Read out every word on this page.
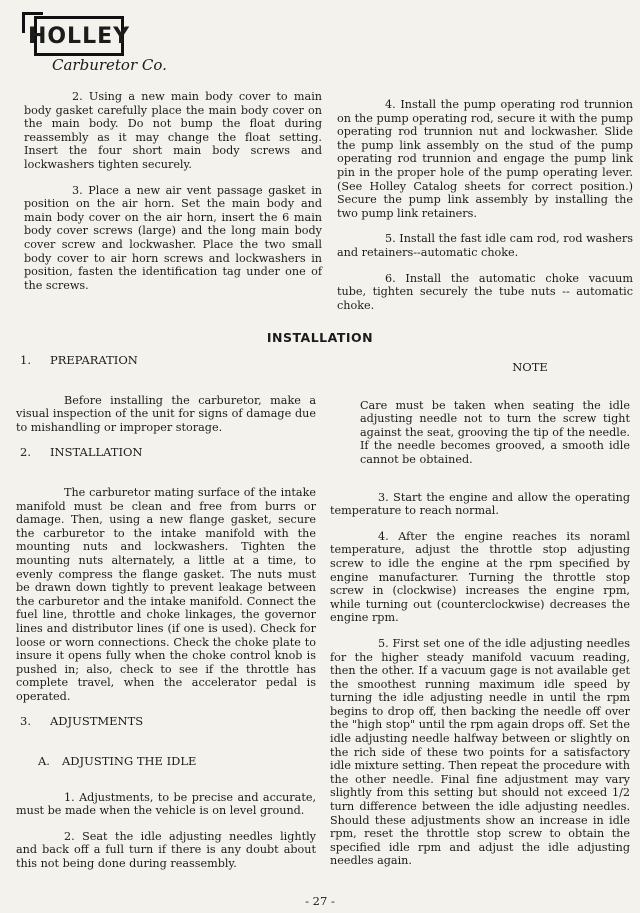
HOLLEY
Carburetor Co.

2. Using a new main body cover to main body gasket carefully place the main body cover on the main body. Do not bump the float during reassembly as it may change the float setting. Insert the four short main body screws and lockwashers tighten securely.

3. Place a new air vent passage gasket in position on the air horn. Set the main body and main body cover on the air horn, insert the 6 main body cover screws (large) and the long main body cover screw and lockwasher. Place the two small body cover to air horn screws and lockwashers in position, fasten the identification tag under one of the screws.

4. Install the pump operating rod trunnion on the pump operating rod, secure it with the pump operating rod trunnion nut and lockwasher. Slide the pump link assembly on the stud of the pump operating rod trunnion and engage the pump link pin in the proper hole of the pump operating lever. (See Holley Catalog sheets for correct position.) Secure the pump link assembly by installing the two pump link retainers.

5. Install the fast idle cam rod, rod washers and retainers--automatic choke.

6. Install the automatic choke vacuum tube, tighten securely the tube nuts -- automatic choke.

INSTALLATION
1. PREPARATION

Before installing the carburetor, make a visual inspection of the unit for signs of damage due to mishandling or improper storage.

2. INSTALLATION

The carburetor mating surface of the intake manifold must be clean and free from burrs or damage. Then, using a new flange gasket, secure the carburetor to the intake manifold with the mounting nuts and lockwashers. Tighten the mounting nuts alternately, a little at a time, to evenly compress the flange gasket. The nuts must be drawn down tightly to prevent leakage between the carburetor and the intake manifold. Connect the fuel line, throttle and choke linkages, the governor lines and distributor lines (if one is used). Check for loose or worn connections. Check the choke plate to insure it opens fully when the choke control knob is pushed in; also, check to see if the throttle has complete travel, when the accelerator pedal is operated.

3. ADJUSTMENTS
A. ADJUSTING THE IDLE

1. Adjustments, to be precise and accurate, must be made when the vehicle is on level ground.

2. Seat the idle adjusting needles lightly and back off a full turn if there is any doubt about this not being done during reassembly.

NOTE

Care must be taken when seating the idle adjusting needle not to turn the screw tight against the seat, grooving the tip of the needle. If the needle becomes grooved, a smooth idle cannot be obtained.

3. Start the engine and allow the operating temperature to reach normal.

4. After the engine reaches its noraml temperature, adjust the throttle stop adjusting screw to idle the engine at the rpm specified by engine manufacturer. Turning the throttle stop screw in (clockwise) increases the engine rpm, while turning out (counterclockwise) decreases the engine rpm.

5. First set one of the idle adjusting needles for the higher steady manifold vacuum reading, then the other. If a vacuum gage is not available get the smoothest running maximum idle speed by turning the idle adjusting needle in until the rpm begins to drop off, then backing the needle off over the "high stop" until the rpm again drops off. Set the idle adjusting needle halfway between or slightly on the rich side of these two points for a satisfactory idle mixture setting. Then repeat the procedure with the other needle. Final fine adjustment may vary slightly from this setting but should not exceed 1/2 turn difference between the idle adjusting needles. Should these adjustments show an increase in idle rpm, reset the throttle stop screw to obtain the specified idle rpm and adjust the idle adjusting needles again.

- 27 -
